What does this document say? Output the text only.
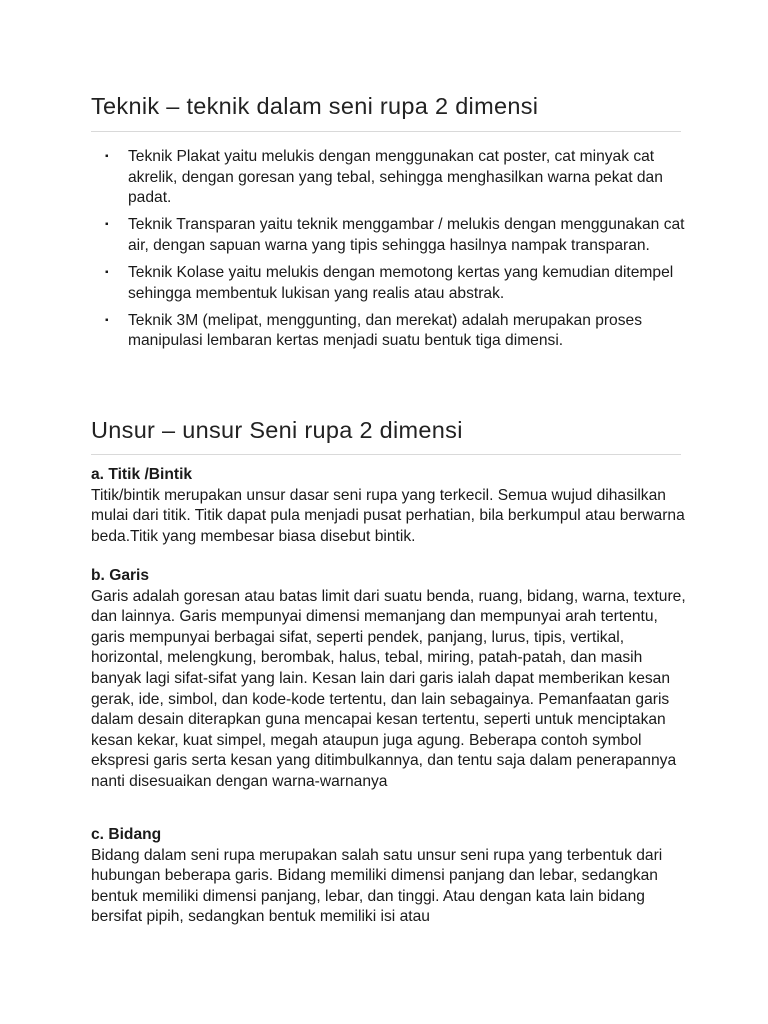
Teknik – teknik dalam seni rupa 2 dimensi
▪ Teknik Plakat yaitu melukis dengan menggunakan cat poster, cat minyak cat akrelik, dengan goresan yang tebal, sehingga menghasilkan warna pekat dan padat.
▪ Teknik Transparan yaitu teknik menggambar / melukis dengan menggunakan cat air, dengan sapuan warna yang tipis sehingga hasilnya nampak transparan.
▪ Teknik Kolase yaitu melukis dengan memotong kertas yang kemudian ditempel sehingga membentuk lukisan yang realis atau abstrak.
▪ Teknik 3M (melipat, menggunting, dan merekat) adalah merupakan proses manipulasi lembaran kertas menjadi suatu bentuk tiga dimensi.
Unsur – unsur Seni rupa 2 dimensi
a. Titik /Bintik

Titik/bintik merupakan unsur dasar seni rupa yang terkecil. Semua wujud dihasilkan mulai dari titik. Titik dapat pula menjadi pusat perhatian, bila berkumpul atau berwarna beda.Titik yang membesar biasa disebut bintik.

b. Garis

Garis adalah goresan atau batas limit dari suatu benda, ruang, bidang, warna, texture, dan lainnya. Garis mempunyai dimensi memanjang dan mempunyai arah tertentu, garis mempunyai berbagai sifat, seperti pendek, panjang, lurus, tipis, vertikal, horizontal, melengkung, berombak, halus, tebal, miring, patah-patah, dan masih banyak lagi sifat-sifat yang lain. Kesan lain dari garis ialah dapat memberikan kesan gerak, ide, simbol, dan kode-kode tertentu, dan lain sebagainya. Pemanfaatan garis dalam desain diterapkan guna mencapai kesan tertentu, seperti untuk menciptakan kesan kekar, kuat simpel, megah ataupun juga agung. Beberapa contoh symbol ekspresi garis serta kesan yang ditimbulkannya, dan tentu saja dalam penerapannya nanti disesuaikan dengan warna-warnanya

c. Bidang

Bidang dalam seni rupa merupakan salah satu unsur seni rupa yang terbentuk dari hubungan beberapa garis. Bidang memiliki dimensi panjang dan lebar, sedangkan bentuk memiliki dimensi panjang, lebar, dan tinggi. Atau dengan kata lain bidang bersifat pipih, sedangkan bentuk memiliki isi atau
